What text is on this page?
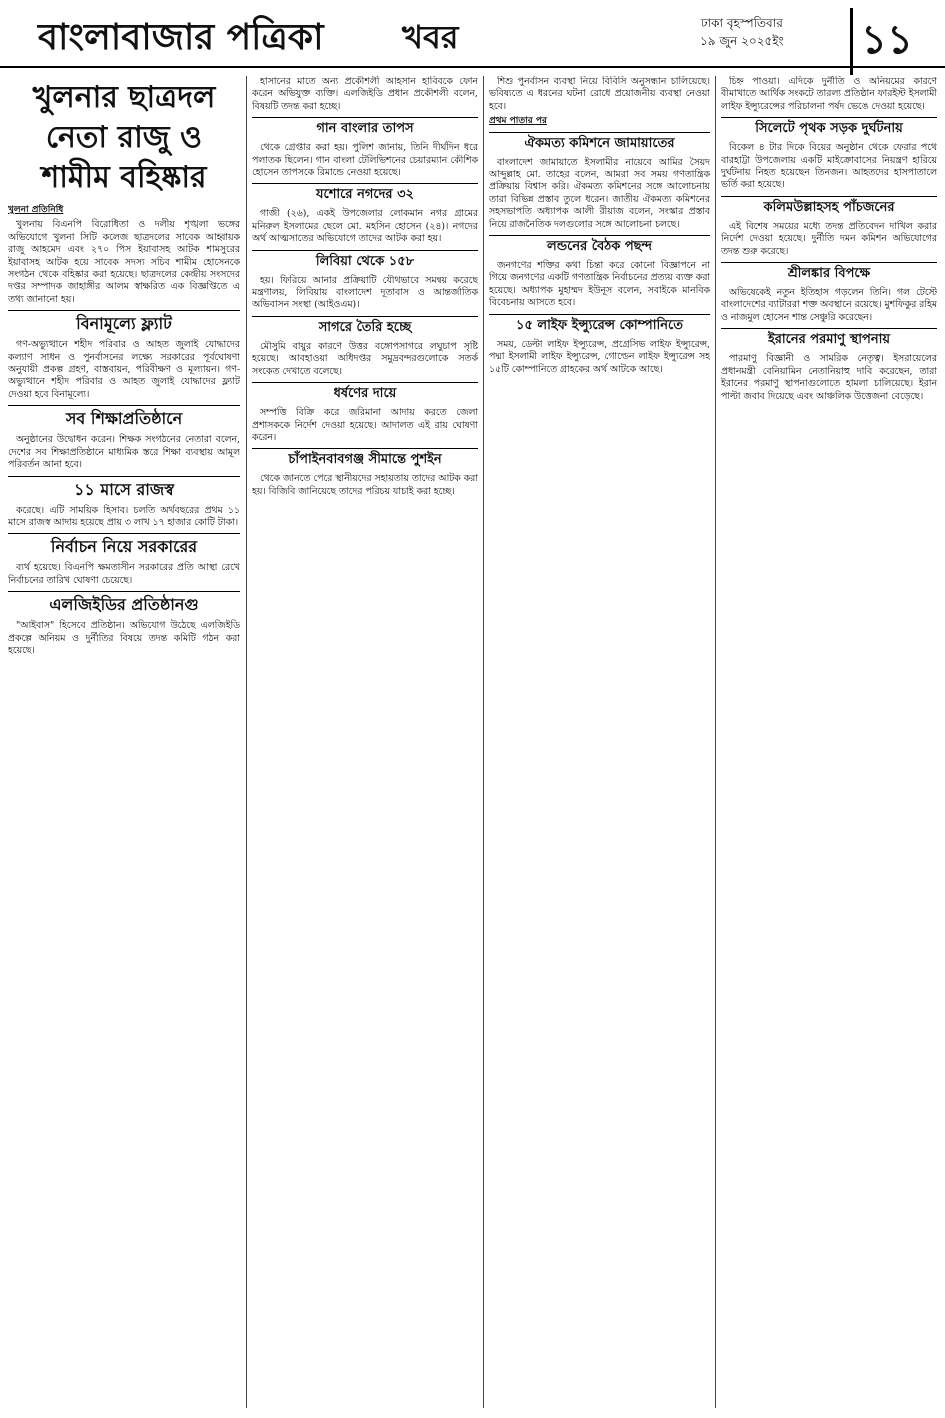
বাংলাবাজার পত্রিকা খবর	ঢাকা বৃহস্পতিবার
১৯ জুন ২০২৫ইং ১১
খুলনার ছাত্রদল নেতা রাজু ও শামীম বহিষ্কার
খুলনা প্রতিনিধি

খুলনায় বিএনপি বিরোধিতা ও দলীয় শৃঙ্খলা ভঙ্গের অভিযোগে খুলনা সিটি কলেজ ছাত্রদলের সাবেক আহ্বায়ক রাজু আহমেদ এবং ২৭০ পিস ইয়াবাসহ আটক শামসুরের ইয়াবাসহ আটক হয়ে সাবেক সদস্য সচিব শামীম হোসেনকে সংগঠন থেকে বহিষ্কার করা হয়েছে। ছাত্রদলের কেন্দ্রীয় সংসদের দপ্তর সম্পাদক জাহাঙ্গীর আলম স্বাক্ষরিত এক বিজ্ঞপ্তিতে এ তথ্য জানানো হয়।

বিনামূল্যে ফ্ল্যাট

গণ-অভ্যুত্থানে শহীদ পরিবার ও আহত জুলাই যোদ্ধাদের কল্যাণ সাধন ও পুনর্বাসনের লক্ষ্যে সরকারের পূর্বঘোষণা অনুযায়ী প্রকল্প গ্রহণ, বাস্তবায়ন, পরিবীক্ষণ ও মূল্যায়ন। গণ-অভ্যুত্থানে শহীদ পরিবার ও আহত জুলাই যোদ্ধাদের ফ্ল্যাট দেওয়া হবে বিনামূল্যে।

সব শিক্ষাপ্রতিষ্ঠানে

অনুষ্ঠানের উদ্বোধন করেন। শিক্ষক সংগঠনের নেতারা বলেন, দেশের সব শিক্ষাপ্রতিষ্ঠানে মাধ্যমিক স্তরে শিক্ষা ব্যবস্থায় আমূল পরিবর্তন আনা হবে।

১১ মাসে রাজস্ব

করেছে। এটি সাময়িক হিসাব। চলতি অর্থবছরের প্রথম ১১ মাসে রাজস্ব আদায় হয়েছে প্রায় ৩ লাখ ১৭ হাজার কোটি টাকা।

নির্বাচন নিয়ে সরকারের

ব্যর্থ হয়েছে। বিএনপি ক্ষমতাসীন সরকারের প্রতি আস্থা রেখে নির্বাচনের তারিখ ঘোষণা চেয়েছে।

এলজিইডির প্রতিষ্ঠানগু

"আইবাস" হিসেবে প্রতিষ্ঠান। অভিযোগ উঠেছে এলজিইডি প্রকল্পে অনিয়ম ও দুর্নীতির বিষয়ে তদন্ত কমিটি গঠন করা হয়েছে।

হাসানের মাতে অন্য প্রকৌশলী আহসান হাবিবকে ফোন করেন অভিযুক্ত ব্যক্তি। এলজিইডি প্রধান প্রকৌশলী বলেন, বিষয়টি তদন্ত করা হচ্ছে।

গান বাংলার তাপস

থেকে গ্রেপ্তার করা হয়। পুলিশ জানায়, তিনি দীর্ঘদিন ধরে পলাতক ছিলেন। গান বাংলা টেলিভিশনের চেয়ারম্যান কৌশিক হোসেন তাপসকে রিমান্ডে নেওয়া হয়েছে।

যশোরে নগদের ৩২

গাজী (২৬), একই উপজেলার লোকমান নগর গ্রামের মনিরুল ইসলামের ছেলে মো. মহসিন হোসেন (২৪)। নগদের অর্থ আত্মসাতের অভিযোগে তাদের আটক করা হয়।

লিবিয়া থেকে ১৫৮

হয়। ফিরিয়ে আনার প্রক্রিয়াটি যৌথভাবে সমন্বয় করেছে মন্ত্রণালয়, লিবিয়ায় বাংলাদেশ দূতাবাস ও আন্তর্জাতিক অভিবাসন সংস্থা (আইওএম)।

সাগরে তৈরি হচ্ছে

মৌসুমি বায়ুর কারণে উত্তর বঙ্গোপসাগরে লঘুচাপ সৃষ্টি হয়েছে। আবহাওয়া অধিদপ্তর সমুদ্রবন্দরগুলোকে সতর্ক সংকেত দেখাতে বলেছে।

ধর্ষণের দায়ে

সম্পত্তি বিক্রি করে জরিমানা আদায় করতে জেলা প্রশাসককে নির্দেশ দেওয়া হয়েছে। আদালত এই রায় ঘোষণা করেন।

চাঁপাইনবাবগঞ্জ সীমান্তে পুশইন

থেকে জানতে পেরে স্থানীয়দের সহায়তায় তাদের আটক করা হয়। বিজিবি জানিয়েছে তাদের পরিচয় যাচাই করা হচ্ছে।

শিশু পুনর্বাসন ব্যবস্থা নিয়ে বিবিসি অনুসন্ধান চালিয়েছে। ভবিষ্যতে এ ধরনের ঘটনা রোধে প্রয়োজনীয় ব্যবস্থা নেওয়া হবে।

প্রথম পাতার পর
ঐকমত্য কমিশনে জামায়াতের

বাংলাদেশ জামায়াতে ইসলামীর নায়েবে আমির সৈয়দ আব্দুল্লাহ মো. তাহের বলেন, আমরা সব সময় গণতান্ত্রিক প্রক্রিয়ায় বিশ্বাস করি। ঐকমত্য কমিশনের সঙ্গে আলোচনায় তারা বিভিন্ন প্রস্তাব তুলে ধরেন। জাতীয় ঐকমত্য কমিশনের সহসভাপতি অধ্যাপক আলী রীয়াজ বলেন, সংস্কার প্রস্তাব নিয়ে রাজনৈতিক দলগুলোর সঙ্গে আলোচনা চলছে।

লন্ডনের বৈঠক পছন্দ

জনগণের শক্তির কথা চিন্তা করে কোনো বিজ্ঞাপনে না গিয়ে জনগণের একটি গণতান্ত্রিক নির্বাচনের প্রত্যয় ব্যক্ত করা হয়েছে। অধ্যাপক মুহাম্মদ ইউনূস বলেন, সবাইকে মানবিক বিবেচনায় আসতে হবে।

১৫ লাইফ ইন্স্যুরেন্স কোম্পানিতে

সময়, ডেল্টা লাইফ ইন্স্যুরেন্স, প্রগ্রেসিভ লাইফ ইন্স্যুরেন্স, পদ্মা ইসলামী লাইফ ইন্স্যুরেন্স, গোল্ডেন লাইফ ইন্স্যুরেন্স সহ ১৫টি কোম্পানিতে গ্রাহকের অর্থ আটকে আছে।

চিহ্ন পাওয়া। এদিকে দুর্নীতি ও অনিয়মের কারণে বীমাখাতে আর্থিক সংকটে তারল্য প্রতিষ্ঠান ফারইস্ট ইসলামী লাইফ ইন্স্যুরেন্সের পরিচালনা পর্ষদ ভেঙে দেওয়া হয়েছে।

সিলেটে পৃথক সড়ক দুর্ঘটনায়

বিকেল ৪ টার দিকে বিয়ের অনুষ্ঠান থেকে ফেরার পথে বারহাট্টা উপজেলায় একটি মাইক্রোবাসের নিয়ন্ত্রণ হারিয়ে দুর্ঘটনায় নিহত হয়েছেন তিনজন। আহতদের হাসপাতালে ভর্তি করা হয়েছে।

কলিমউল্লাহসহ পাঁচজনের

এই বিশেষ সময়ের মধ্যে তদন্ত প্রতিবেদন দাখিল করার নির্দেশ দেওয়া হয়েছে। দুর্নীতি দমন কমিশন অভিযোগের তদন্ত শুরু করেছে।

শ্রীলঙ্কার বিপক্ষে

অভিষেকেই নতুন ইতিহাস গড়লেন তিনি। গল টেস্টে বাংলাদেশের ব্যাটাররা শক্ত অবস্থানে রয়েছে। মুশফিকুর রহিম ও নাজমুল হোসেন শান্ত সেঞ্চুরি করেছেন।

ইরানের পরমাণু স্থাপনায়

পারমাণু বিজ্ঞানী ও সামরিক নেতৃত্ব। ইসরায়েলের প্রধানমন্ত্রী বেনিয়ামিন নেতানিয়াহু দাবি করেছেন, তারা ইরানের পরমাণু স্থাপনাগুলোতে হামলা চালিয়েছে। ইরান পাল্টা জবাব দিয়েছে এবং আঞ্চলিক উত্তেজনা বেড়েছে।
